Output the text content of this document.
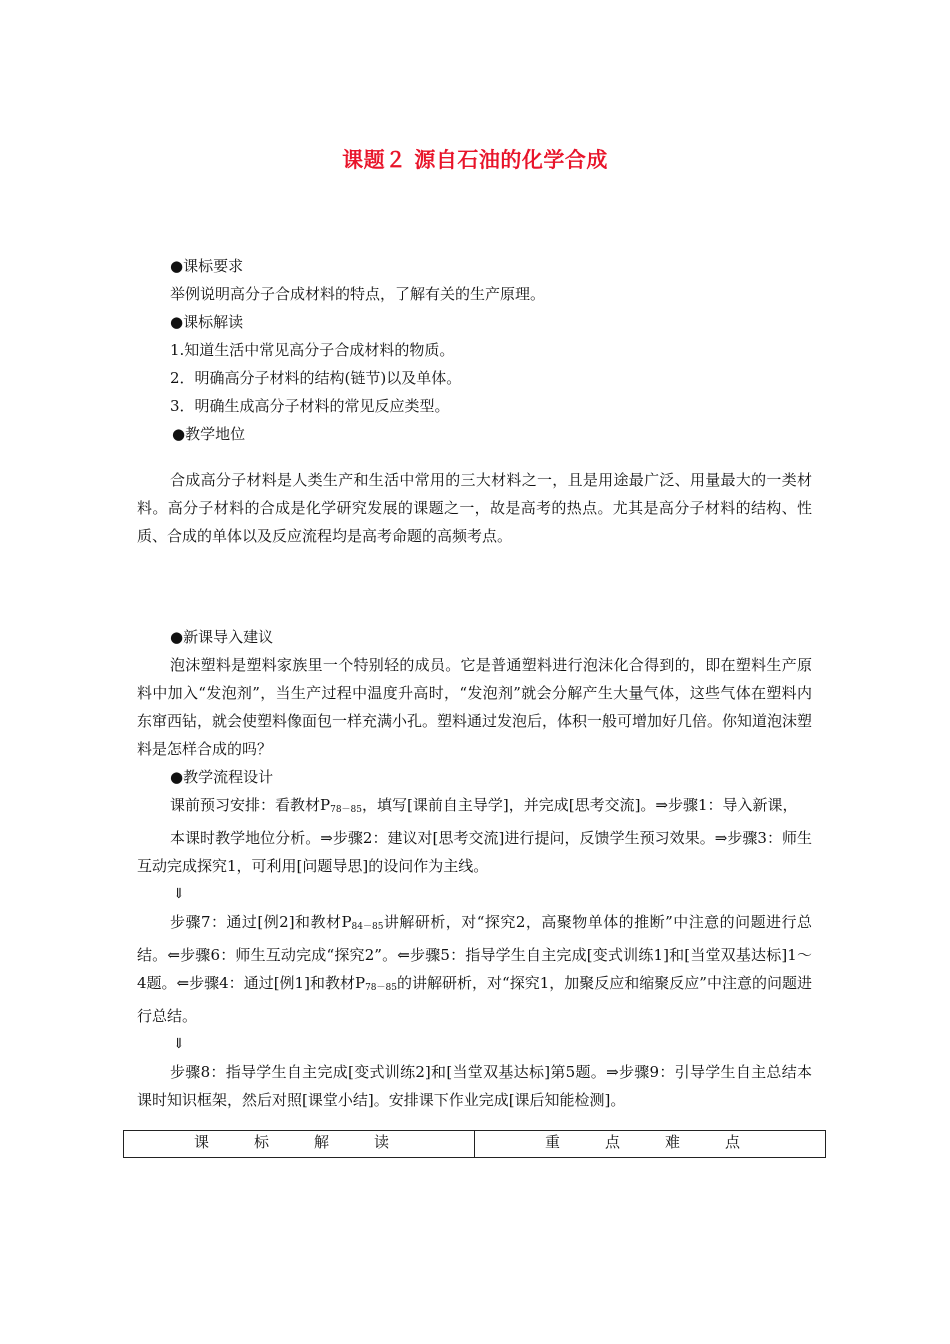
课题２ 源自石油的化学合成
●课标要求
举例说明高分子合成材料的特点，了解有关的生产原理。
●课标解读
1.知道生活中常见高分子合成材料的物质。
2．明确高分子材料的结构(链节)以及单体。
3．明确生成高分子材料的常见反应类型。
●教学地位

合成高分子材料是人类生产和生活中常用的三大材料之一，且是用途最广泛、用量最大的一类材料。高分子材料的合成是化学研究发展的课题之一，故是高考的热点。尤其是高分子材料的结构、性质、合成的单体以及反应流程均是高考命题的高频考点。

●新课导入建议

泡沫塑料是塑料家族里一个特别轻的成员。它是普通塑料进行泡沫化合得到的，即在塑料生产原料中加入“发泡剂”，当生产过程中温度升高时，“发泡剂”就会分解产生大量气体，这些气体在塑料内东窜西钻，就会使塑料像面包一样充满小孔。塑料通过发泡后，体积一般可增加好几倍。你知道泡沫塑料是怎样合成的吗？

●教学流程设计

课前预习安排：看教材$P_{78-85}$，填写[课前自主导学]，并完成[思考交流]。⇒步骤1：导入新课，

本课时教学地位分析。⇒步骤2：建议对[思考交流]进行提问，反馈学生预习效果。⇒步骤3：师生互动完成探究1，可利用[问题导思]的设问作为主线。

⇓

步骤7：通过[例2]和教材$P_{84-85}$讲解研析，对“探究2，高聚物单体的推断”中注意的问题进行总结。⇐步骤6：师生互动完成“探究2”。⇐步骤5：指导学生自主完成[变式训练1]和[当堂双基达标]1～4题。⇐步骤4：通过[例1]和教材$P_{78-85}$的讲解研析，对“探究1，加聚反应和缩聚反应”中注意的问题进行总结。

⇓

步骤8：指导学生自主完成[变式训练2]和[当堂双基达标]第5题。⇒步骤9：引导学生自主总结本课时知识框架，然后对照[课堂小结]。安排课下作业完成[课后知能检测]。

课　标　解　读	重　点　难　点
